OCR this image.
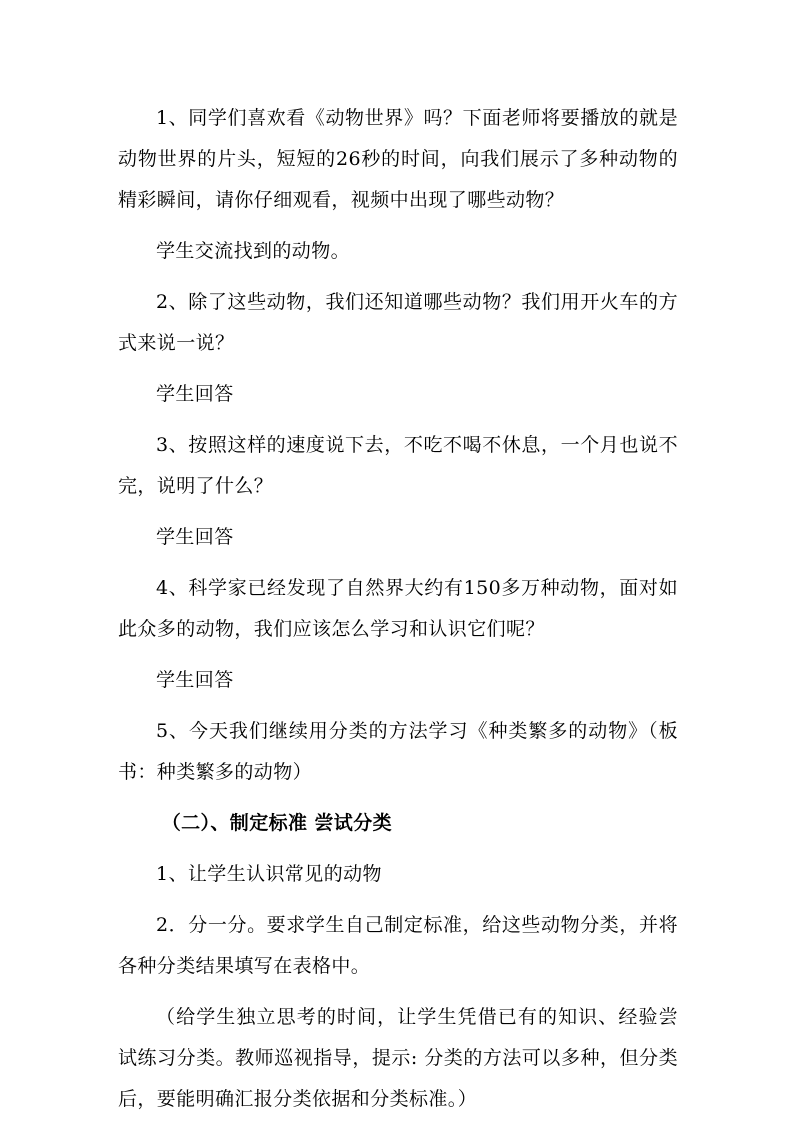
1、同学们喜欢看《动物世界》吗？下面老师将要播放的就是动物世界的片头，短短的26秒的时间，向我们展示了多种动物的精彩瞬间，请你仔细观看，视频中出现了哪些动物？

学生交流找到的动物。

2、除了这些动物，我们还知道哪些动物？我们用开火车的方式来说一说？

学生回答

3、按照这样的速度说下去，不吃不喝不休息，一个月也说不完，说明了什么？

学生回答

4、科学家已经发现了自然界大约有150多万种动物，面对如此众多的动物，我们应该怎么学习和认识它们呢？

学生回答

5、今天我们继续用分类的方法学习《种类繁多的动物》（板书：种类繁多的动物）

（二）、制定标准 尝试分类

1、让学生认识常见的动物

2．分一分。要求学生自己制定标准，给这些动物分类，并将各种分类结果填写在表格中。

（给学生独立思考的时间，让学生凭借已有的知识、经验尝试练习分类。教师巡视指导，提示: 分类的方法可以多种，但分类后，要能明确汇报分类依据和分类标准。）
